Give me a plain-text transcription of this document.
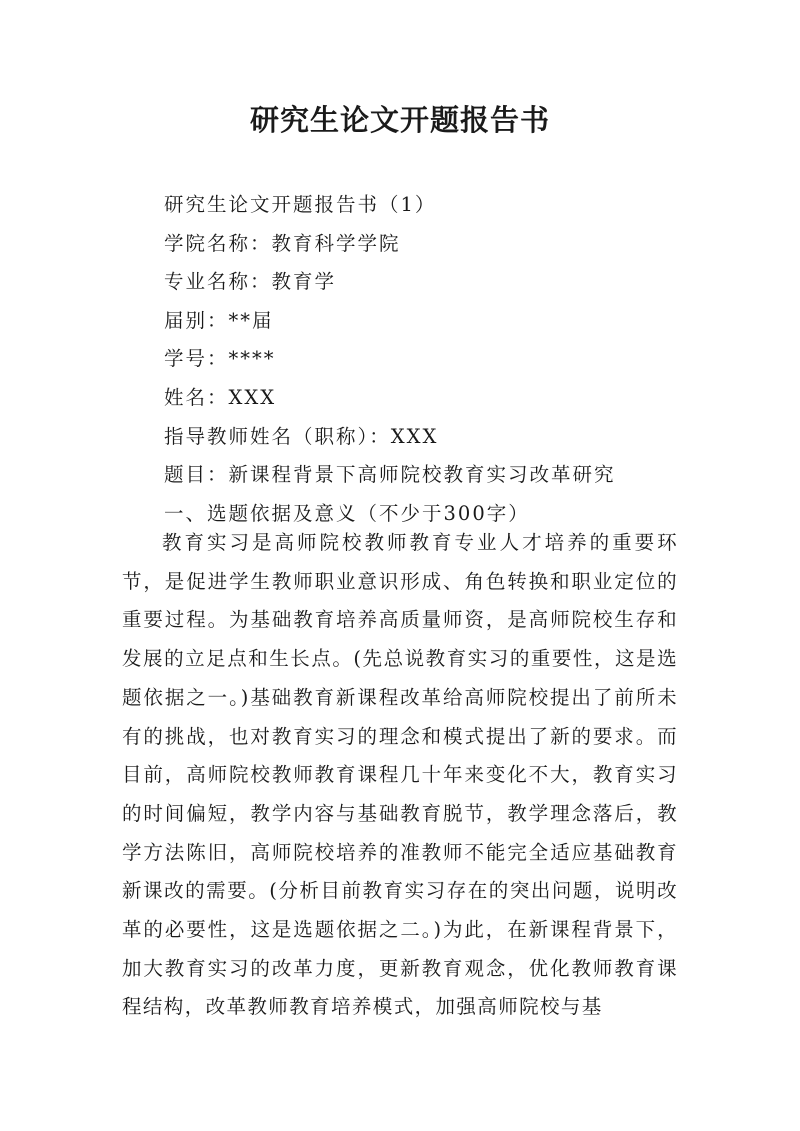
研究生论文开题报告书
研究生论文开题报告书（1）
学院名称：教育科学学院
专业名称：教育学
届别：**届
学号：****
姓名：XXX
指导教师姓名（职称）：XXX
题目：新课程背景下高师院校教育实习改革研究
一、选题依据及意义（不少于300字）

教育实习是高师院校教师教育专业人才培养的重要环节，是促进学生教师职业意识形成、角色转换和职业定位的重要过程。为基础教育培养高质量师资，是高师院校生存和发展的立足点和生长点。(先总说教育实习的重要性，这是选题依据之一。)基础教育新课程改革给高师院校提出了前所未有的挑战，也对教育实习的理念和模式提出了新的要求。而目前，高师院校教师教育课程几十年来变化不大，教育实习的时间偏短，教学内容与基础教育脱节，教学理念落后，教学方法陈旧，高师院校培养的准教师不能完全适应基础教育新课改的需要。(分析目前教育实习存在的突出问题，说明改革的必要性，这是选题依据之二。)为此，在新课程背景下，加大教育实习的改革力度，更新教育观念，优化教师教育课程结构，改革教师教育培养模式，加强高师院校与基
